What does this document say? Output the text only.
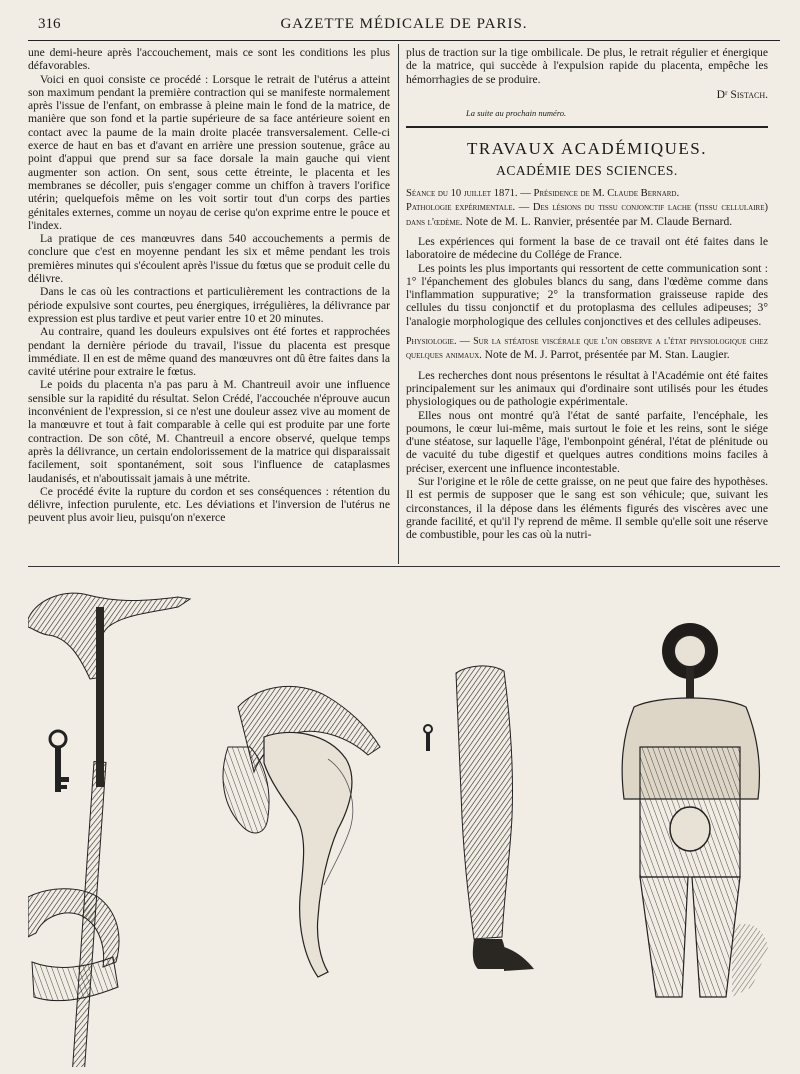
316	GAZETTE MÉDICALE DE PARIS.

une demi-heure après l'accouchement, mais ce sont les conditions les plus défavorables.

Voici en quoi consiste ce procédé : Lorsque le retrait de l'utérus a atteint son maximum pendant la première contraction qui se manifeste normalement après l'issue de l'enfant, on embrasse à pleine main le fond de la matrice, de manière que son fond et la partie supérieure de sa face antérieure soient en contact avec la paume de la main droite placée transversalement. Celle-ci exerce de haut en bas et d'avant en arrière une pression soutenue, grâce au point d'appui que prend sur sa face dorsale la main gauche qui vient augmenter son action. On sent, sous cette étreinte, le placenta et les membranes se décoller, puis s'engager comme un chiffon à travers l'orifice utérin; quelquefois même on les voit sortir tout d'un corps des parties génitales externes, comme un noyau de cerise qu'on exprime entre le pouce et l'index.

La pratique de ces manœuvres dans 540 accouchements a permis de conclure que c'est en moyenne pendant les six et même pendant les trois premières minutes qui s'écoulent après l'issue du fœtus que se produit celle du délivre.

Dans le cas où les contractions et particulièrement les contractions de la période expulsive sont courtes, peu énergiques, irrégulières, la délivrance par expression est plus tardive et peut varier entre 10 et 20 minutes.

Au contraire, quand les douleurs expulsives ont été fortes et rapprochées pendant la dernière période du travail, l'issue du placenta est presque immédiate. Il en est de même quand des manœuvres ont dû être faites dans la cavité utérine pour extraire le fœtus.

Le poids du placenta n'a pas paru à M. Chantreuil avoir une influence sensible sur la rapidité du résultat. Selon Crédé, l'accouchée n'éprouve aucun inconvénient de l'expression, si ce n'est une douleur assez vive au moment de la manœuvre et tout à fait comparable à celle qui est produite par une forte contraction. De son côté, M. Chantreuil a encore observé, quelque temps après la délivrance, un certain endolorissement de la matrice qui disparaissait facilement, soit spontanément, soit sous l'influence de cataplasmes laudanisés, et n'aboutissait jamais à une métrite.

Ce procédé évite la rupture du cordon et ses conséquences : rétention du délivre, infection purulente, etc. Les déviations et l'inversion de l'utérus ne peuvent plus avoir lieu, puisqu'on n'exerce

plus de traction sur la tige ombilicale. De plus, le retrait régulier et énergique de la matrice, qui succède à l'expulsion rapide du placenta, empêche les hémorrhagies de se produire.

Dʳ Sistach.
La suite au prochain numéro.
TRAVAUX ACADÉMIQUES.
ACADÉMIE DES SCIENCES.

Séance du 10 juillet 1871. — Présidence de M. Claude Bernard.

Pathologie expérimentale. — Des lésions du tissu conjonctif lache (tissu cellulaire) dans l'œdème. Note de M. L. Ranvier, présentée par M. Claude Bernard.

Les expériences qui forment la base de ce travail ont été faites dans le laboratoire de médecine du Collége de France.

Les points les plus importants qui ressortent de cette communication sont : 1° l'épanchement des globules blancs du sang, dans l'œdème comme dans l'inflammation suppurative; 2° la transformation graisseuse rapide des cellules du tissu conjonctif et du protoplasma des cellules adipeuses; 3° l'analogie morphologique des cellules conjonctives et des cellules adipeuses.

Physiologie. — Sur la stéatose viscérale que l'on observe a l'état physiologique chez quelques animaux. Note de M. J. Parrot, présentée par M. Stan. Laugier.

Les recherches dont nous présentons le résultat à l'Académie ont été faites principalement sur les animaux qui d'ordinaire sont utilisés pour les études physiologiques ou de pathologie expérimentale.

Elles nous ont montré qu'à l'état de santé parfaite, l'encéphale, les poumons, le cœur lui-même, mais surtout le foie et les reins, sont le siége d'une stéatose, sur laquelle l'âge, l'embonpoint général, l'état de plénitude ou de vacuité du tube digestif et quelques autres conditions moins faciles à préciser, exercent une influence incontestable.

Sur l'origine et le rôle de cette graisse, on ne peut que faire des hypothèses. Il est permis de supposer que le sang est son véhicule; que, suivant les circonstances, il la dépose dans les éléments figurés des viscères avec une grande facilité, et qu'il l'y reprend de même. Il semble qu'elle soit une réserve de combustible, pour les cas où la nutri-
